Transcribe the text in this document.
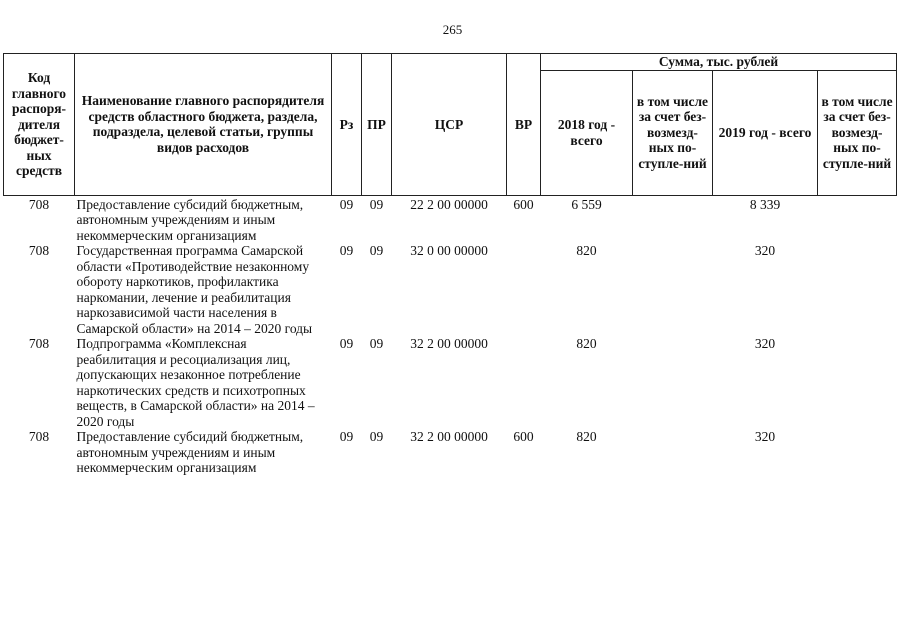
265
Код главного распоря-дителя бюджет-ных средств	Наименование главного распорядителя средств областного бюджета, раздела, подраздела, целевой статьи, группы видов расходов	Рз	ПР	ЦСР	ВР	Сумма, тыс. рублей			
						2018 год - всего	в том числе за счет без-возмезд-ных по-ступле-ний	2019 год - всего	в том числе за счет без-возмезд-ных по-ступле-ний
708	Предоставление субсидий бюджетным, автономным учреждениям и иным некоммерческим организациям	09	09	22 2 00 00000	600	6 559		8 339	
708	Государственная программа Самарской области «Противодействие незаконному обороту наркотиков, профилактика наркомании, лечение и реабилитация наркозависимой части населения в Самарской области» на 2014 – 2020 годы	09	09	32 0 00 00000		820		320	
708	Подпрограмма «Комплексная реабилитация и ресоциализация лиц, допускающих незаконное потребление наркотических средств и психотропных веществ, в Самарской области» на 2014 – 2020 годы	09	09	32 2 00 00000		820		320	
708	Предоставление субсидий бюджетным, автономным учреждениям и иным некоммерческим организациям	09	09	32 2 00 00000	600	820		320	
